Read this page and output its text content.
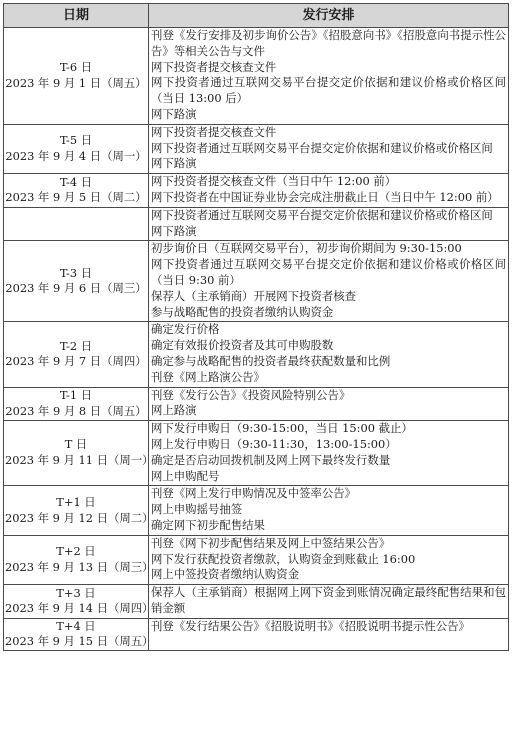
日期	发行安排

T-6 日
2023 年 9 月 1 日（周五）	刊登《发行安排及初步询价公告》《招股意向书》《招股意向书提示性公告》等相关公告与文件
网下投资者提交核查文件
网下投资者通过互联网交易平台提交定价依据和建议价格或价格区间（当日 13:00 后）
网下路演

T-5 日
2023 年 9 月 4 日（周一）	网下投资者提交核查文件
网下投资者通过互联网交易平台提交定价依据和建议价格或价格区间
网下路演

T-4 日
2023 年 9 月 5 日（周二）	网下投资者提交核查文件（当日中午 12:00 前）
网下投资者在中国证券业协会完成注册截止日（当日中午 12:00 前）

	网下投资者通过互联网交易平台提交定价依据和建议价格或价格区间
网下路演

T-3 日
2023 年 9 月 6 日（周三）	初步询价日（互联网交易平台），初步询价期间为 9:30-15:00
网下投资者通过互联网交易平台提交定价依据和建议价格或价格区间（当日 9:30 前）
保荐人（主承销商）开展网下投资者核查
参与战略配售的投资者缴纳认购资金

T-2 日
2023 年 9 月 7 日（周四）	确定发行价格
确定有效报价投资者及其可申购股数
确定参与战略配售的投资者最终获配数量和比例
刊登《网上路演公告》

T-1 日
2023 年 9 月 8 日（周五）	刊登《发行公告》《投资风险特别公告》
网上路演

T 日
2023 年 9 月 11 日（周一）	网下发行申购日（9:30-15:00，当日 15:00 截止）
网上发行申购日（9:30-11:30，13:00-15:00）
确定是否启动回拨机制及网上网下最终发行数量
网上申购配号

T+1 日
2023 年 9 月 12 日（周二）	刊登《网上发行申购情况及中签率公告》
网上申购摇号抽签
确定网下初步配售结果

T+2 日
2023 年 9 月 13 日（周三）	刊登《网下初步配售结果及网上中签结果公告》
网下发行获配投资者缴款，认购资金到账截止 16:00
网上中签投资者缴纳认购资金

T+3 日
2023 年 9 月 14 日（周四）	保荐人（主承销商）根据网上网下资金到账情况确定最终配售结果和包销金额

T+4 日
2023 年 9 月 15 日（周五）	刊登《发行结果公告》《招股说明书》《招股说明书提示性公告》
